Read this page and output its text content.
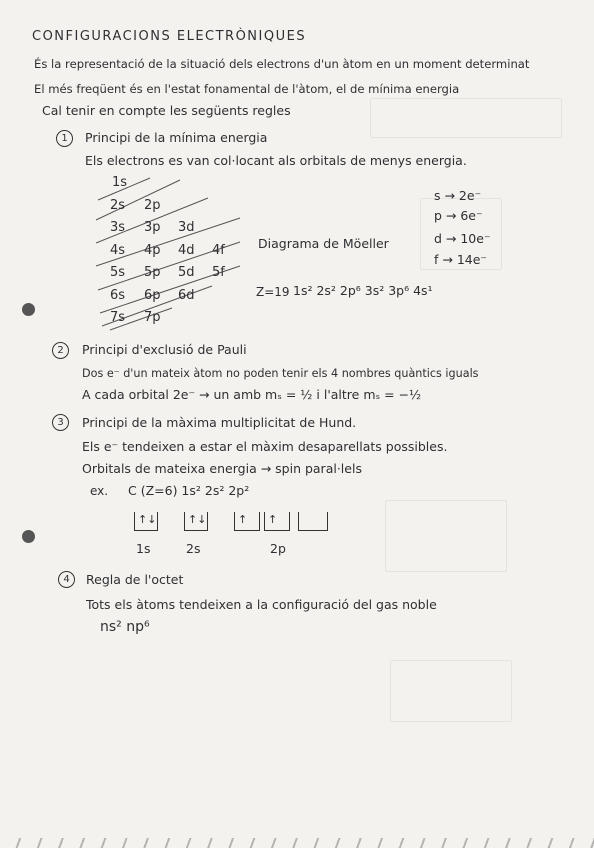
CONFIGURACIONS ELECTRÒNIQUES
És la representació de la situació dels electrons d'un àtom en un moment determinat
El més freqüent és en l'estat fonamental de l'àtom, el de mínima energia
Cal tenir en compte les següents regles
1	Principi de la mínima energia
Els electrons es van col·locant als orbitals de menys energia.
1s
2s 2p
3s 3p 3d
4s 4p 4d 4f
5s 5p 5d 5f
6s 6p 6d
7s 7p
Diagrama de Möeller
s → 2e⁻
p → 6e⁻
d → 10e⁻
f → 14e⁻
Z=19 1s² 2s² 2p⁶ 3s² 3p⁶ 4s¹
2	Principi d'exclusió de Pauli
Dos e⁻ d'un mateix àtom no poden tenir els 4 nombres quàntics iguals
A cada orbital 2e⁻ → un amb mₛ = ½ i l'altre mₛ = −½
3	Principi de la màxima multiplicitat de Hund.
Els e⁻ tendeixen a estar el màxim desaparellats possibles.
Orbitals de mateixa energia → spin paral·lels
ex. C (Z=6) 1s² 2s² 2p²
↑↓	↑↓	↑ ↑
1s	2s	2p
4	Regla de l'octet
Tots els àtoms tendeixen a la configuració del gas noble
ns² np⁶
